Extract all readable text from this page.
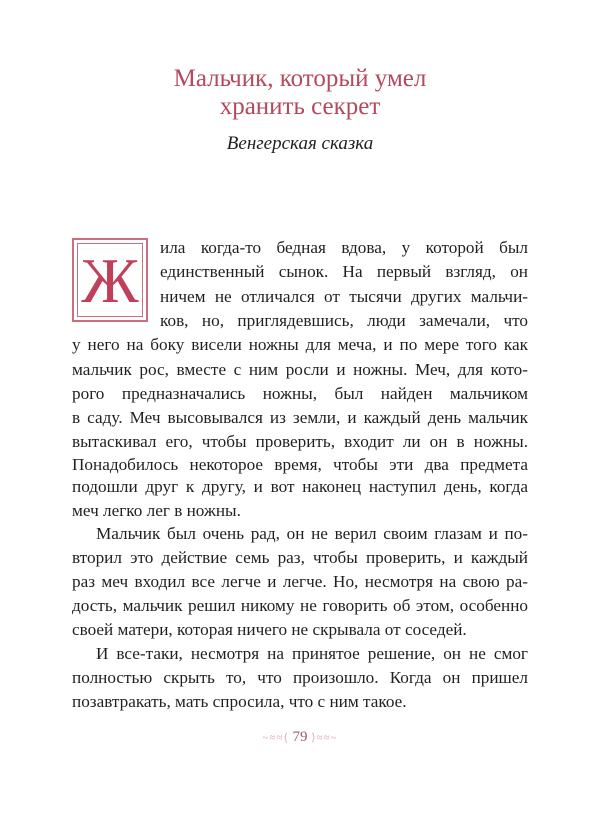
Мальчик, который умел
хранить секрет
Венгерская сказка
Ж	ила когда-то бедная вдова, у которой был
единственный сынок. На первый взгляд, он
ничем не отличался от тысячи других мальчи-
ков, но, приглядевшись, люди замечали, что
у него на боку висели ножны для меча, и по мере того как
мальчик рос, вместе с ним росли и ножны. Меч, для кото-
рого предназначались ножны, был найден мальчиком
в саду. Меч высовывался из земли, и каждый день мальчик
вытаскивал его, чтобы проверить, входит ли он в ножны.
Понадобилось некоторое время, чтобы эти два предмета
подошли друг к другу, и вот наконец наступил день, когда
меч легко лег в ножны.
Мальчик был очень рад, он не верил своим глазам и по-
вторил это действие семь раз, чтобы проверить, и каждый
раз меч входил все легче и легче. Но, несмотря на свою ра-
дость, мальчик решил никому не говорить об этом, особенно
своей матери, которая ничего не скрывала от соседей.
И все-таки, несмотря на принятое решение, он не смог
полностью скрыть то, что произошло. Когда он пришел
позавтракать, мать спросила, что с ним такое.
~≈≈⟨ 79 ⟩≈≈~
